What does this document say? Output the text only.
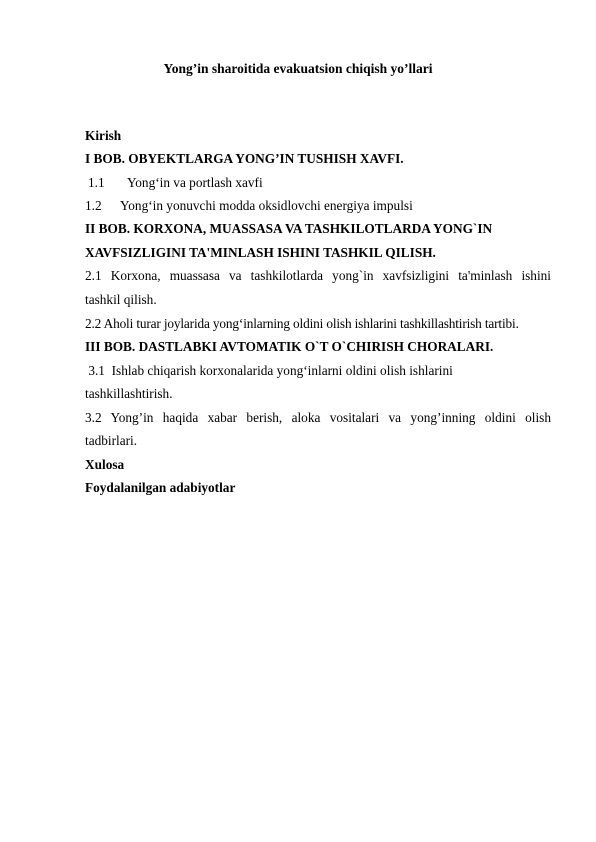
Yong’in sharoitida evakuatsion chiqish yo’llari
Kirish
I BOB. OBYEKTLARGA YONG’IN TUSHISH XAVFI.
1.1 Yong‘in va portlash xavfi
1.2 Yong‘in yonuvchi modda oksidlovchi energiya impulsi
II BOB. KORXONA, MUASSASA VA TASHKILOTLARDA YONG`IN
XAVFSIZLIGINI TA'MINLASH ISHINI TASHKIL QILISH.
2.1 Korxona, muassasa va tashkilotlarda yong`in xavfsizligini ta'minlash ishini
tashkil qilish.
2.2 Aholi turar joylarida yong‘inlarning oldini olish ishlarini tashkillashtirish tartibi.
III BOB. DASTLABKI AVTOMATIK O`T O`CHIRISH CHORALARI.
3.1  Ishlab chiqarish korxonalarida yong‘inlarni oldini olish ishlarini
tashkillashtirish.
3.2 Yong’in haqida xabar berish, aloka vositalari va yong’inning oldini olish
tadbirlari.
Xulosa
Foydalanilgan adabiyotlar
